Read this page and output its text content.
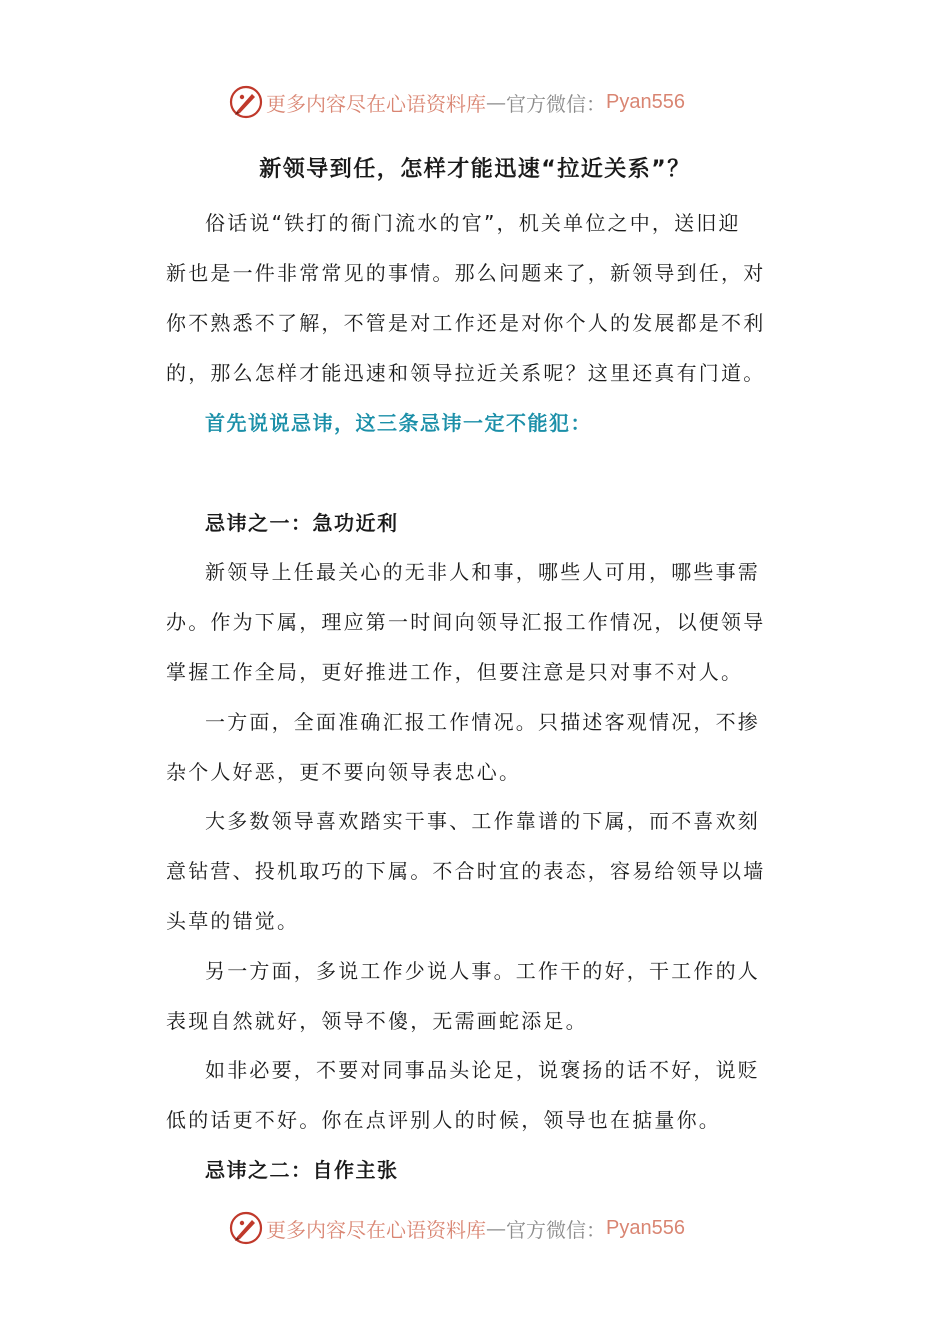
更多内容尽在心语资料库 — 官方微信： Pyan556
新领导到任，怎样才能迅速“拉近关系”？
俗话说“铁打的衙门流水的官”，机关单位之中，送旧迎
新也是一件非常常见的事情。那么问题来了，新领导到任，对
你不熟悉不了解，不管是对工作还是对你个人的发展都是不利
的，那么怎样才能迅速和领导拉近关系呢？这里还真有门道。
首先说说忌讳，这三条忌讳一定不能犯：
忌讳之一：急功近利
新领导上任最关心的无非人和事，哪些人可用，哪些事需
办。作为下属，理应第一时间向领导汇报工作情况，以便领导
掌握工作全局，更好推进工作，但要注意是只对事不对人。
一方面，全面准确汇报工作情况。只描述客观情况，不掺
杂个人好恶，更不要向领导表忠心。
大多数领导喜欢踏实干事、工作靠谱的下属，而不喜欢刻
意钻营、投机取巧的下属。不合时宜的表态，容易给领导以墙
头草的错觉。
另一方面，多说工作少说人事。工作干的好，干工作的人
表现自然就好，领导不傻，无需画蛇添足。
如非必要，不要对同事品头论足，说褒扬的话不好，说贬
低的话更不好。你在点评别人的时候，领导也在掂量你。
忌讳之二：自作主张
更多内容尽在心语资料库 — 官方微信： Pyan556
